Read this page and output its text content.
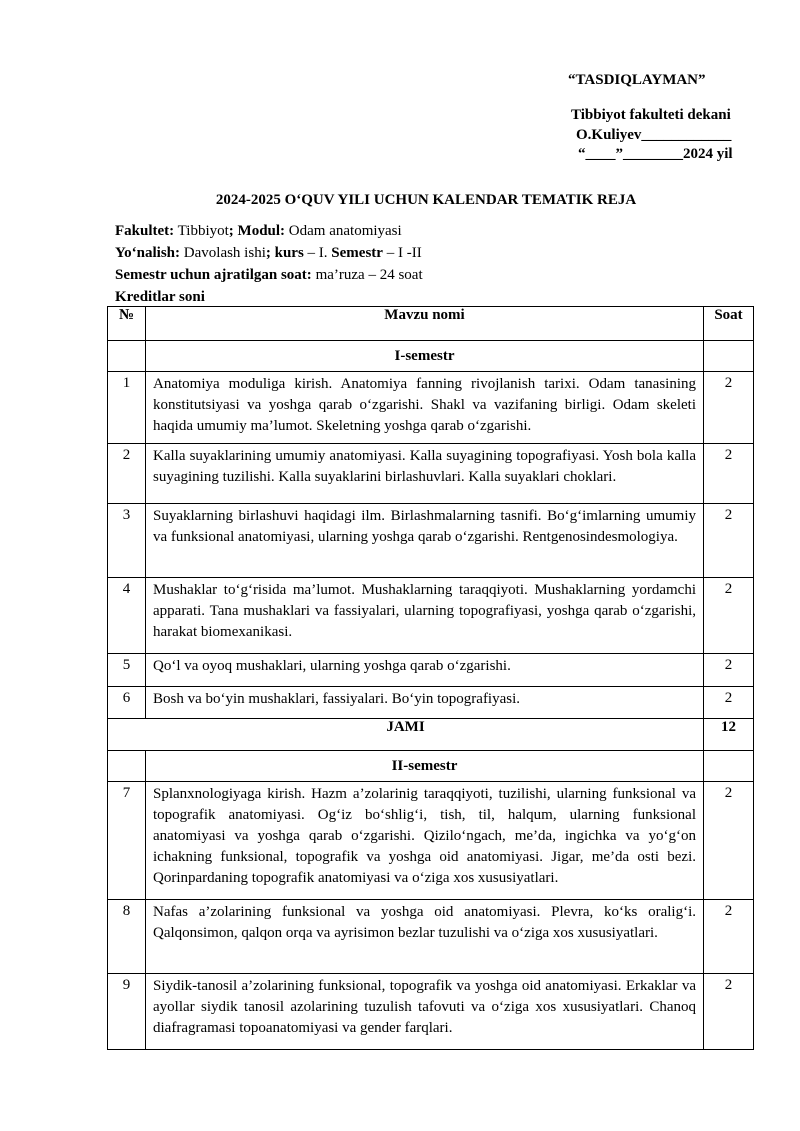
“TASDIQLAYMAN”
Tibbiyot fakulteti dekani
O.Kuliyev____________
“____”________2024 yil
2024-2025 O‘QUV YILI UCHUN KALENDAR TEMATIK REJA
Fakultet: Tibbiyot; Modul: Odam anatomiyasi
Yo‘nalish: Davolash ishi; kurs – I. Semestr – I -II
Semestr uchun ajratilgan soat: ma’ruza – 24 soat
Kreditlar soni
№	Mavzu nomi	Soat
	I-semestr	
1	Anatomiya moduliga kirish. Anatomiya fanning rivojlanish tarixi. Odam tanasining konstitutsiyasi va yoshga qarab o‘zgarishi. Shakl va vazifaning birligi. Odam skeleti haqida umumiy ma’lumot. Skeletning yoshga qarab o‘zgarishi.	2
2	Kalla suyaklarining umumiy anatomiyasi. Kalla suyagining topografiyasi. Yosh bola kalla suyagining tuzilishi. Kalla suyaklarini birlashuvlari. Kalla suyaklari choklari.	2
3	Suyaklarning birlashuvi haqidagi ilm. Birlashmalarning tasnifi. Bo‘g‘imlarning umumiy va funksional anatomiyasi, ularning yoshga qarab o‘zgarishi. Rentgenosindesmologiya.	2
4	Mushaklar to‘g‘risida ma’lumot. Mushaklarning taraqqiyoti. Mushaklarning yordamchi apparati. Tana mushaklari va fassiyalari, ularning topografiyasi, yoshga qarab o‘zgarishi, harakat biomexanikasi.	2
5	Qo‘l va oyoq mushaklari, ularning yoshga qarab o‘zgarishi.	2
6	Bosh va bo‘yin mushaklari, fassiyalari. Bo‘yin topografiyasi.	2
JAMI		12
	II-semestr	
7	Splanxnologiyaga kirish. Hazm a’zolarinig taraqqiyoti, tuzilishi, ularning funksional va topografik anatomiyasi. Og‘iz bo‘shlig‘i, tish, til, halqum, ularning funksional anatomiyasi va yoshga qarab o‘zgarishi. Qizilo‘ngach, me’da, ingichka va yo‘g‘on ichakning funksional, topografik va yoshga oid anatomiyasi. Jigar, me’da osti bezi. Qorinpardaning topografik anatomiyasi va o‘ziga xos xususiyatlari.	2
8	Nafas a’zolarining funksional va yoshga oid anatomiyasi. Plevra, ko‘ks oralig‘i. Qalqonsimon, qalqon orqa va ayrisimon bezlar tuzulishi va o‘ziga xos xususiyatlari.	2
9	Siydik-tanosil a’zolarining funksional, topografik va yoshga oid anatomiyasi. Erkaklar va ayollar siydik tanosil azolarining tuzulish tafovuti va o‘ziga xos xususiyatlari. Chanoq diafragramasi topoanatomiyasi va gender farqlari.	2
